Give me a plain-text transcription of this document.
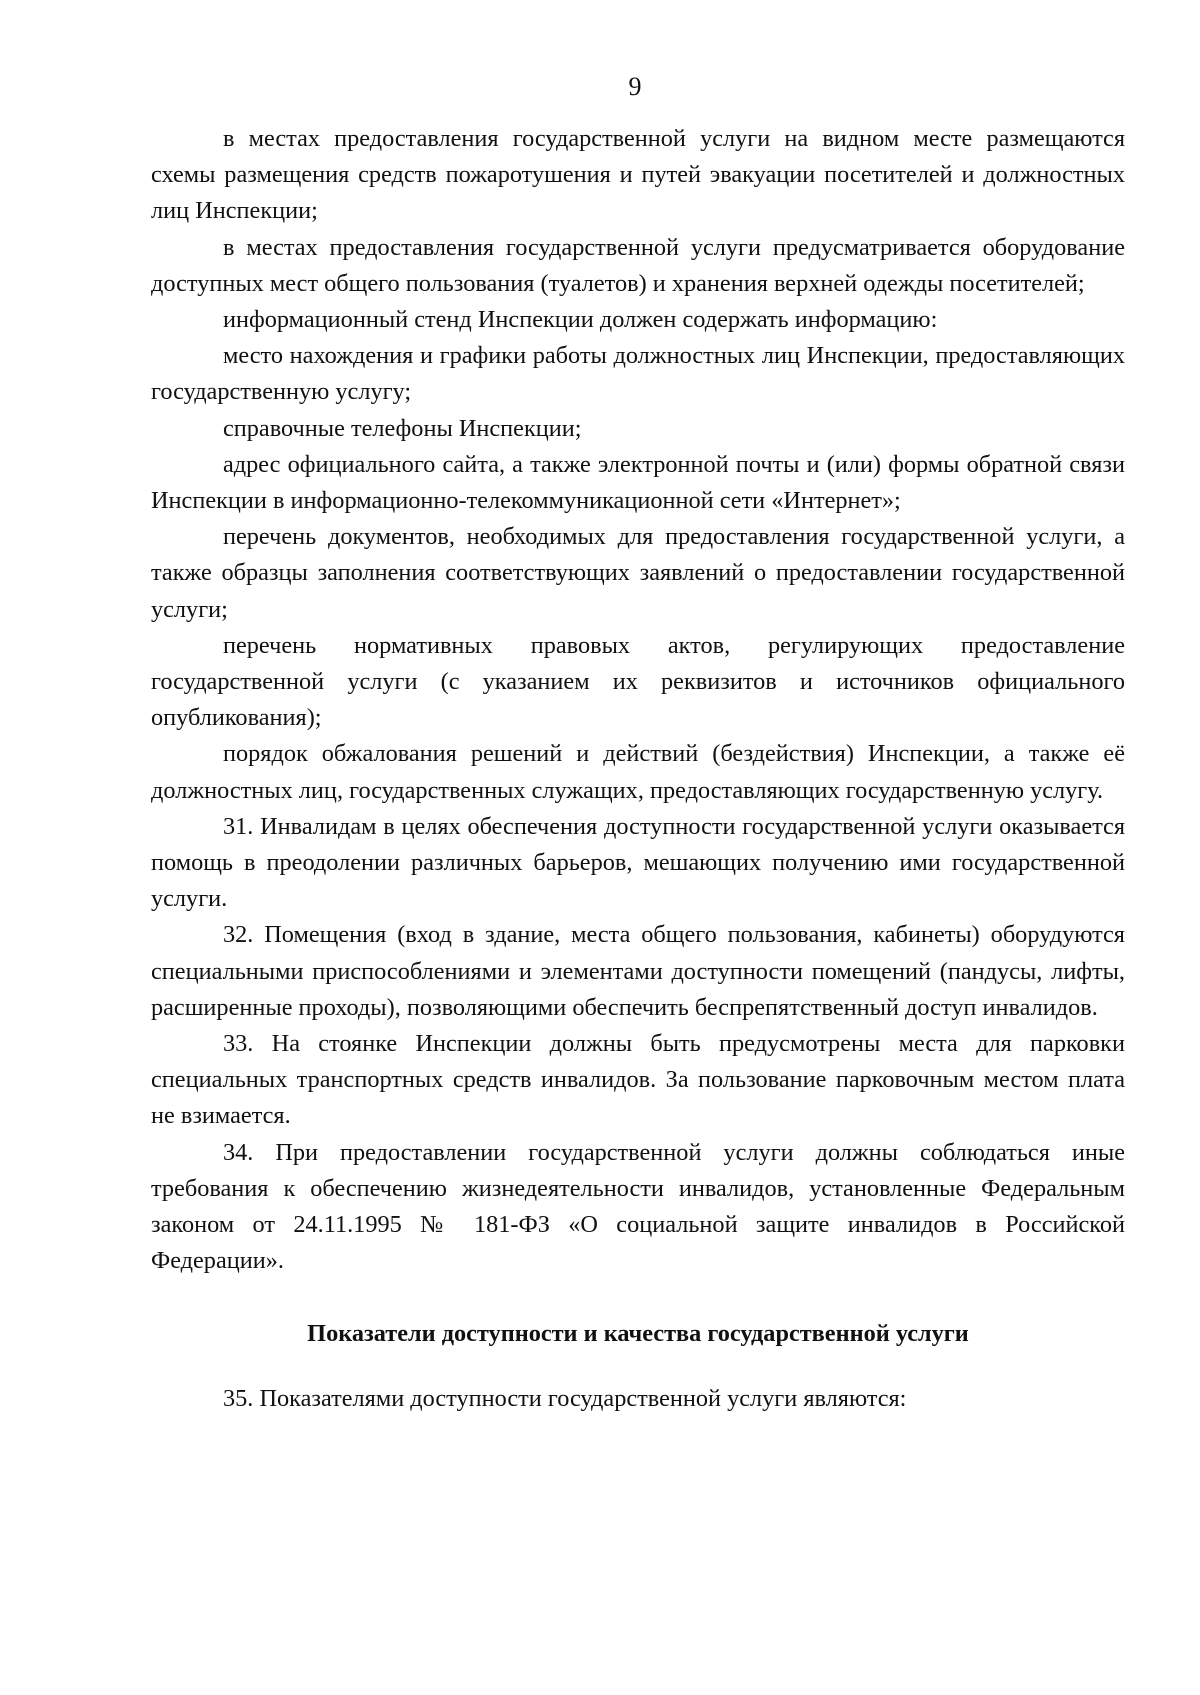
9

в местах предоставления государственной услуги на видном месте размещаются схемы размещения средств пожаротушения и путей эвакуации посетителей и должностных лиц Инспекции;

в местах предоставления государственной услуги предусматривается оборудование доступных мест общего пользования (туалетов) и хранения верхней одежды посетителей;

информационный стенд Инспекции должен содержать информацию:

место нахождения и графики работы должностных лиц Инспекции, предоставляющих государственную услугу;

справочные телефоны Инспекции;

адрес официального сайта, а также электронной почты и (или) формы обратной связи Инспекции в информационно-телекоммуникационной сети «Интернет»;

перечень документов, необходимых для предоставления государственной услуги, а также образцы заполнения соответствующих заявлений о предоставлении государственной услуги;

перечень нормативных правовых актов, регулирующих предоставление государственной услуги (с указанием их реквизитов и источников официального опубликования);

порядок обжалования решений и действий (бездействия) Инспекции, а также её должностных лиц, государственных служащих, предоставляющих государственную услугу.

31. Инвалидам в целях обеспечения доступности государственной услуги оказывается помощь в преодолении различных барьеров, мешающих получению ими государственной услуги.

32. Помещения (вход в здание, места общего пользования, кабинеты) оборудуются специальными приспособлениями и элементами доступности помещений (пандусы, лифты, расширенные проходы), позволяющими обеспечить беспрепятственный доступ инвалидов.

33. На стоянке Инспекции должны быть предусмотрены места для парковки специальных транспортных средств инвалидов. За пользование парковочным местом плата не взимается.

34. При предоставлении государственной услуги должны соблюдаться иные требования к обеспечению жизнедеятельности инвалидов, установленные Федеральным законом от 24.11.1995 № 181-ФЗ «О социальной защите инвалидов в Российской Федерации».

Показатели доступности и качества государственной услуги

35. Показателями доступности государственной услуги являются:
